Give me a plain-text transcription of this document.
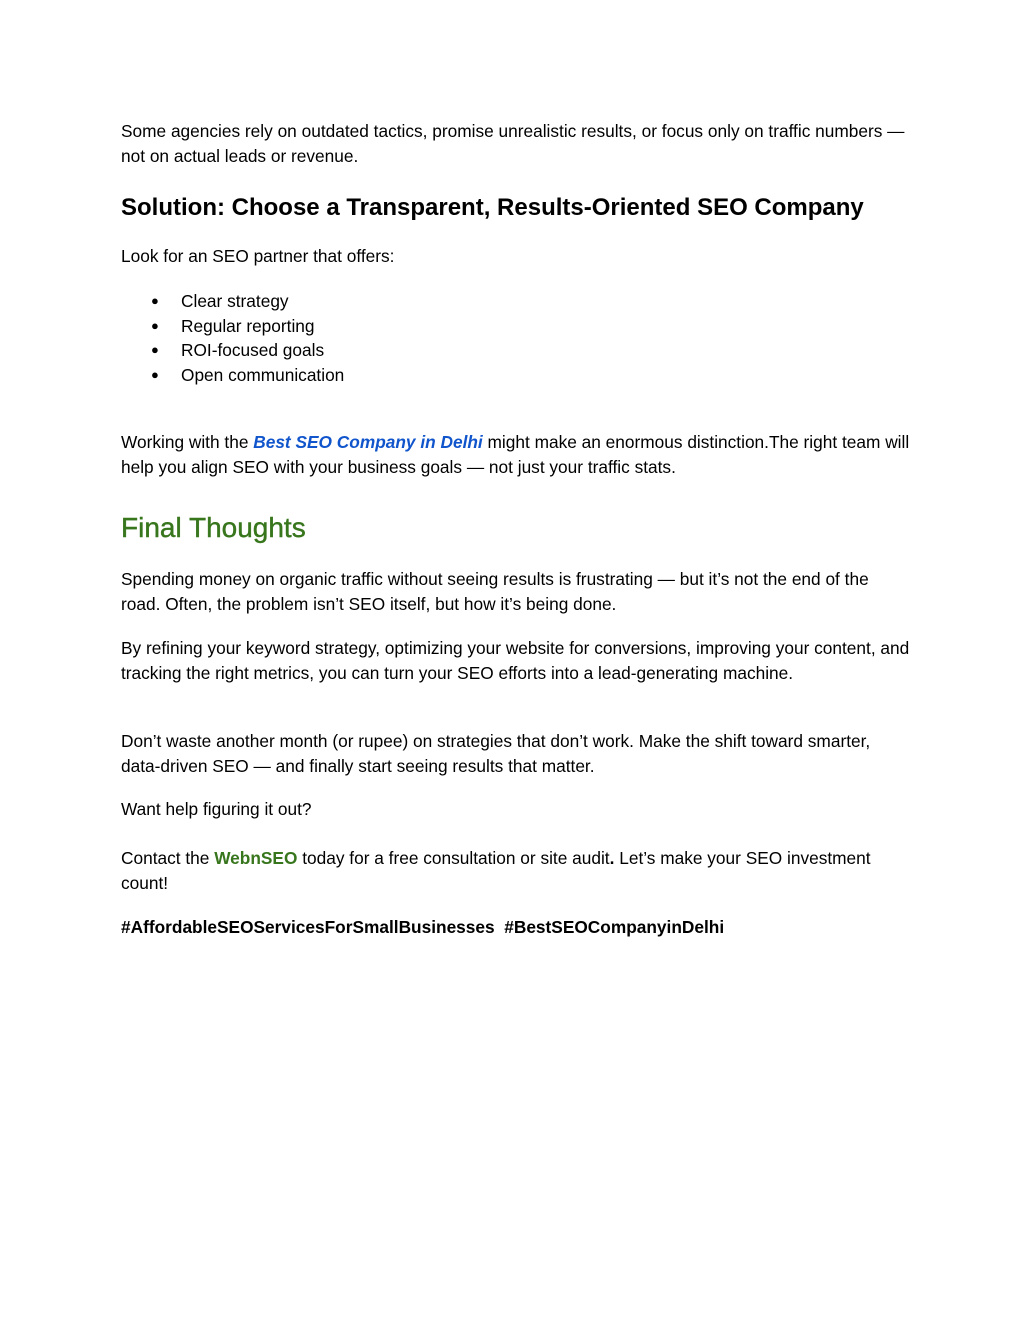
Some agencies rely on outdated tactics, promise unrealistic results, or focus only on traffic numbers — not on actual leads or revenue.

Solution: Choose a Transparent, Results-Oriented SEO Company

Look for an SEO partner that offers:

●	Clear strategy
●	Regular reporting
●	ROI-focused goals
●	Open communication

Working with the Best SEO Company in Delhi might make an enormous distinction.The right team will help you align SEO with your business goals — not just your traffic stats.

Final Thoughts

Spending money on organic traffic without seeing results is frustrating — but it’s not the end of the road. Often, the problem isn’t SEO itself, but how it’s being done.

By refining your keyword strategy, optimizing your website for conversions, improving your content, and tracking the right metrics, you can turn your SEO efforts into a lead-generating machine.

Don’t waste another month (or rupee) on strategies that don’t work. Make the shift toward smarter, data-driven SEO — and finally start seeing results that matter.

Want help figuring it out?

Contact the WebnSEO today for a free consultation or site audit. Let’s make your SEO investment count!

#AffordableSEOServicesForSmallBusinesses  #BestSEOCompanyinDelhi
